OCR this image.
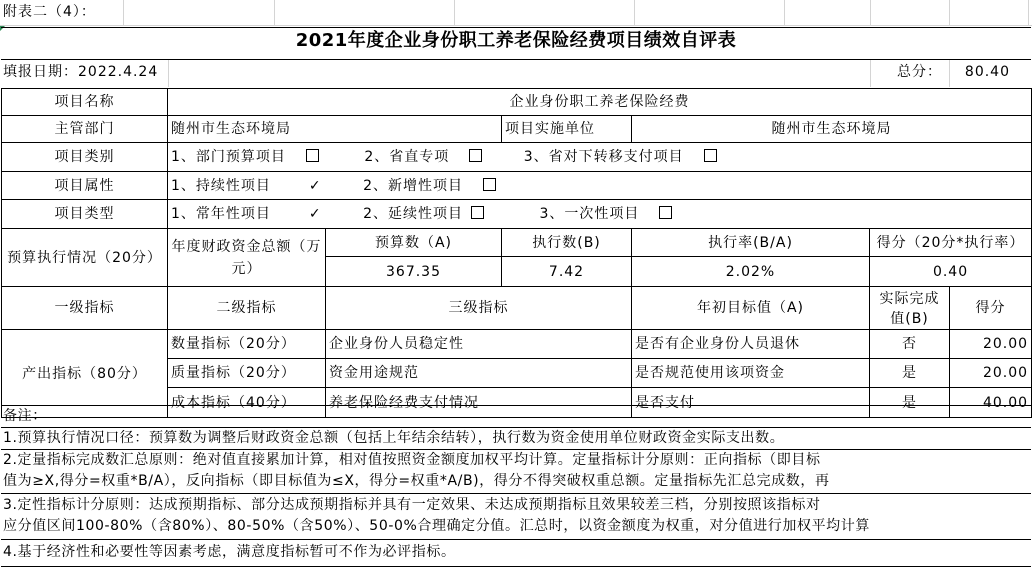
附表二（4）：
2021年度企业身份职工养老保险经费项目绩效自评表
填报日期：2022.4.24	总分：	80.40
项目名称	企业身份职工养老保险经费					
主管部门	随州市生态环境局		项目实施单位	随州市生态环境局		
项目类别	1、部门预算项目 2、省直专项 3、省对下转移支付项目					
项目属性	1、持续性项目 ✓ 2、新增性项目					
项目类型	1、常年性项目 ✓ 2、延续性项目 3、一次性项目					
预算执行情况（20分）	年度财政资金总额（万元）	预算数（A)	执行数(B)	执行率(B/A)	得分（20分*执行率）	
		367.35	7.42	2.02%	0.40	
一级指标	二级指标	三级指标		年初目标值（A)	实际完成值(B)	得分
产出指标（80分）	数量指标（20分）	企业身份人员稳定性		是否有企业身份人员退休	否	20.00
	质量指标（20分）	资金用途规范		是否规范使用该项资金	是	20.00
	成本指标（40分）	养老保险经费支付情况		是否支付	是	40.00
备注：
1.预算执行情况口径：预算数为调整后财政资金总额（包括上年结余结转），执行数为资金使用单位财政资金实际支出数。
2.定量指标完成数汇总原则：绝对值直接累加计算，相对值按照资金额度加权平均计算。定量指标计分原则：正向指标（即目标
值为≥X,得分=权重*B/A），反向指标（即目标值为≤X，得分=权重*A/B)，得分不得突破权重总额。定量指标先汇总完成数，再
3.定性指标计分原则：达成预期指标、部分达成预期指标并具有一定效果、未达成预期指标且效果较差三档，分别按照该指标对
应分值区间100-80%（含80%）、80-50%（含50%）、50-0%合理确定分值。汇总时，以资金额度为权重，对分值进行加权平均计算
4.基于经济性和必要性等因素考虑，满意度指标暂可不作为必评指标。
